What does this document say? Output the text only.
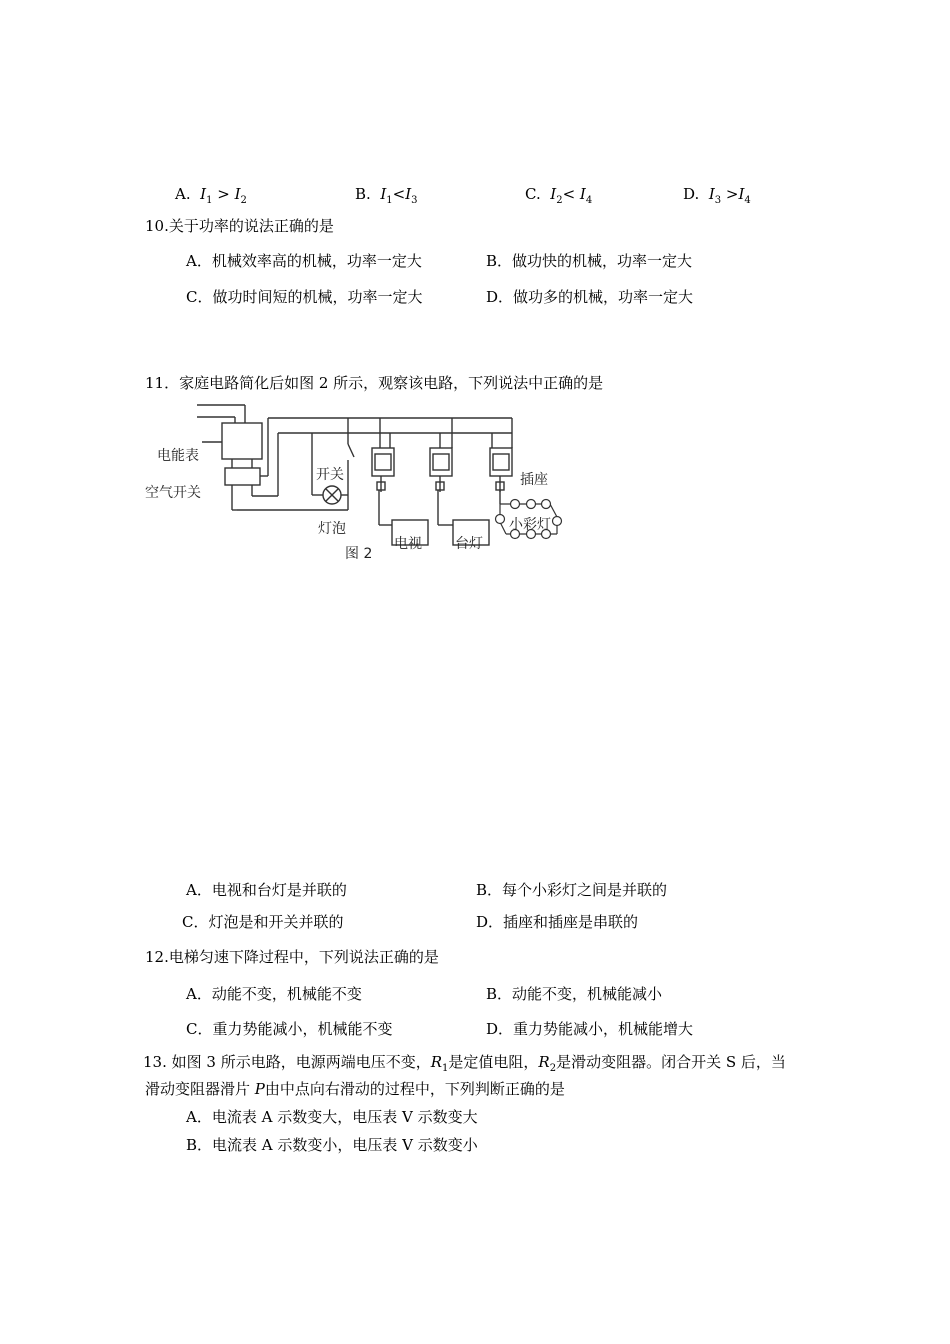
A. $I_1 > I_2$	B. $I_1<I_3$	C. $I_2< I_4$	D. $I_3 >I_4$
10.关于功率的说法正确的是
A．机械效率高的机械，功率一定大	B．做功快的机械，功率一定大
C．做功时间短的机械，功率一定大	D．做功多的机械，功率一定大
11．家庭电路简化后如图 2 所示，观察该电路，下列说法中正确的是
电能表
空气开关
开关
灯泡
插座
电视 台灯
小彩灯
图 2
A．电视和台灯是并联的	B．每个小彩灯之间是并联的
C．灯泡是和开关并联的	D．插座和插座是串联的
12.电梯匀速下降过程中，下列说法正确的是
A．动能不变，机械能不变	B．动能不变，机械能减小
C．重力势能减小，机械能不变	D．重力势能减小，机械能增大
13. 如图 3 所示电路，电源两端电压不变，$R_1$是定值电阻，$R_2$是滑动变阻器。闭合开关 S 后，当
滑动变阻器滑片 P由中点向右滑动的过程中，下列判断正确的是
A．电流表 A 示数变大，电压表 V 示数变大
B．电流表 A 示数变小，电压表 V 示数变小
